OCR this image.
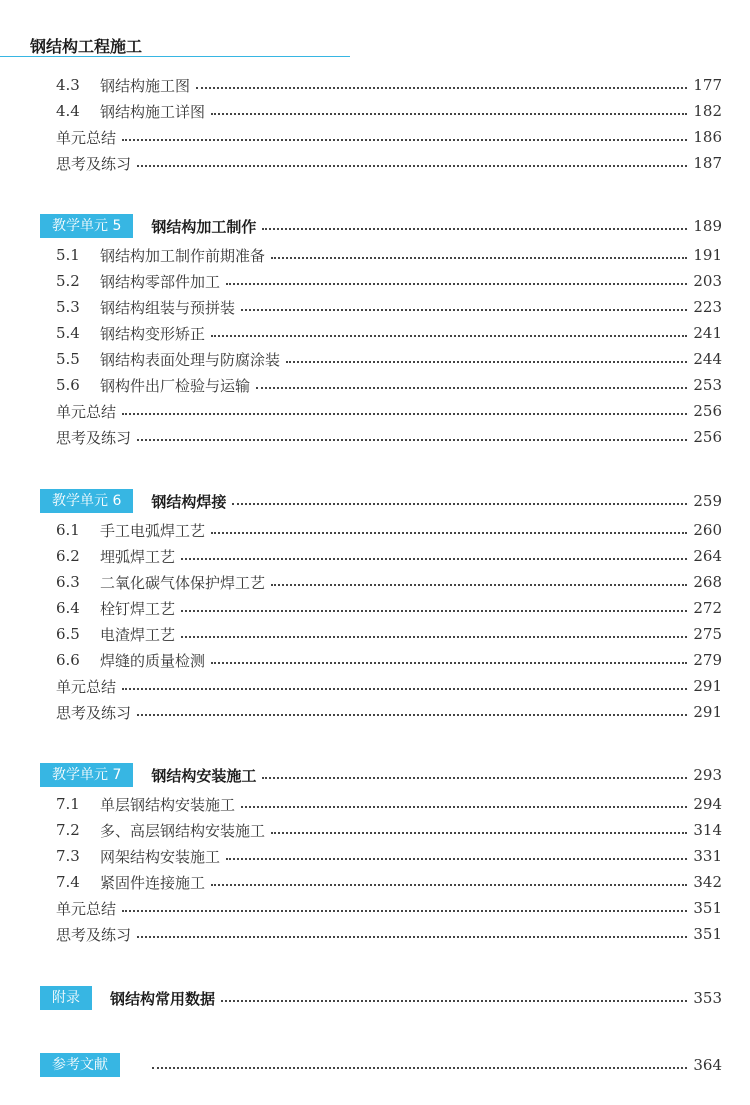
钢结构工程施工
4.3	钢结构施工图	177
4.4	钢结构施工详图	182
单元总结	186
思考及练习	187
教学单元 5	钢结构加工制作	189
5.1	钢结构加工制作前期准备	191
5.2	钢结构零部件加工	203
5.3	钢结构组装与预拼装	223
5.4	钢结构变形矫正	241
5.5	钢结构表面处理与防腐涂装	244
5.6	钢构件出厂检验与运输	253
单元总结	256
思考及练习	256
教学单元 6	钢结构焊接	259
6.1	手工电弧焊工艺	260
6.2	埋弧焊工艺	264
6.3	二氧化碳气体保护焊工艺	268
6.4	栓钉焊工艺	272
6.5	电渣焊工艺	275
6.6	焊缝的质量检测	279
单元总结	291
思考及练习	291
教学单元 7	钢结构安装施工	293
7.1	单层钢结构安装施工	294
7.2	多、高层钢结构安装施工	314
7.3	网架结构安装施工	331
7.4	紧固件连接施工	342
单元总结	351
思考及练习	351
附录	钢结构常用数据	353
参考文献	364
